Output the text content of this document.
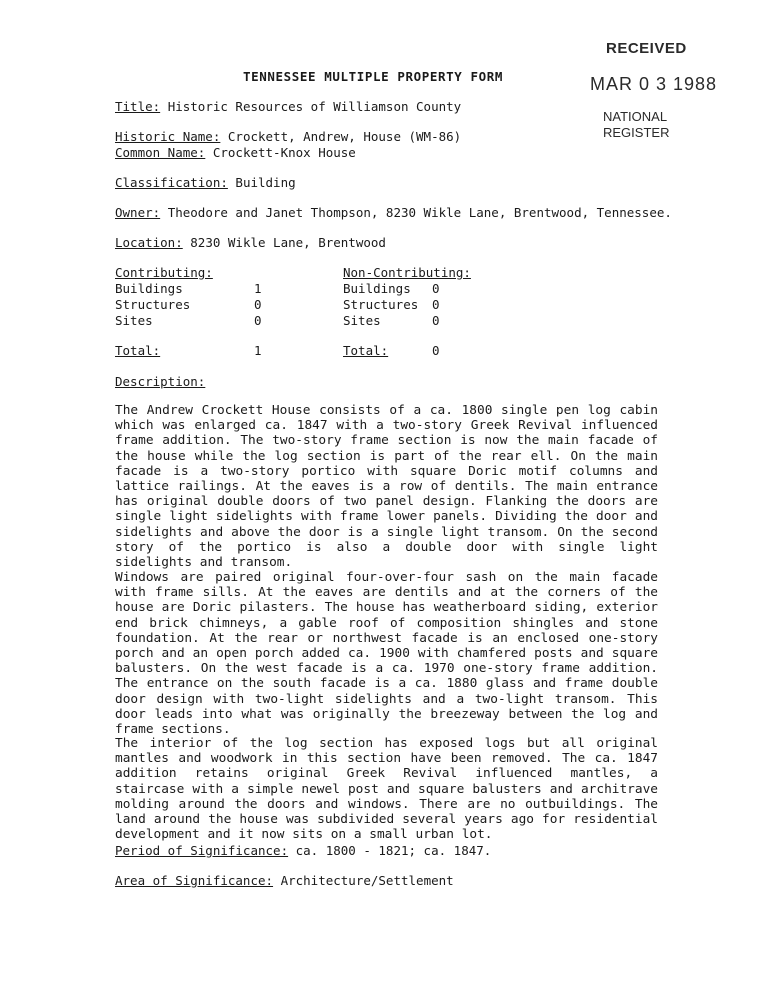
RECEIVED
MAR 0 3 1988
NATIONAL
REGISTER
TENNESSEE MULTIPLE PROPERTY FORM
Title: Historic Resources of Williamson County
Historic Name: Crockett, Andrew, House (WM-86)
Common Name: Crockett-Knox House
Classification: Building
Owner: Theodore and Janet Thompson, 8230 Wikle Lane, Brentwood, Tennessee.
Location: 8230 Wikle Lane, Brentwood
Contributing:	Non-Contributing:
Buildings	1	Buildings 0
Structures	0	Structures 0
Sites	0	Sites	0
Total:	1	Total:	0
Description:
The Andrew Crockett House consists of a ca. 1800 single pen log cabin which was enlarged ca. 1847 with a two-story Greek Revival influenced frame addition. The two-story frame section is now the main facade of the house while the log section is part of the rear ell. On the main facade is a two-story portico with square Doric motif columns and lattice railings. At the eaves is a row of dentils. The main entrance has original double doors of two panel design. Flanking the doors are single light sidelights with frame lower panels. Dividing the door and sidelights and above the door is a single light transom. On the second story of the portico is also a double door with single light sidelights and transom.
Windows are paired original four-over-four sash on the main facade with frame sills. At the eaves are dentils and at the corners of the house are Doric pilasters. The house has weatherboard siding, exterior end brick chimneys, a gable roof of composition shingles and stone foundation. At the rear or northwest facade is an enclosed one-story porch and an open porch added ca. 1900 with chamfered posts and square balusters. On the west facade is a ca. 1970 one-story frame addition. The entrance on the south facade is a ca. 1880 glass and frame double door design with two-light sidelights and a two-light transom. This door leads into what was originally the breezeway between the log and frame sections.
The interior of the log section has exposed logs but all original mantles and woodwork in this section have been removed. The ca. 1847 addition retains original Greek Revival influenced mantles, a staircase with a simple newel post and square balusters and architrave molding around the doors and windows. There are no outbuildings. The land around the house was subdivided several years ago for residential development and it now sits on a small urban lot.
Period of Significance: ca. 1800 - 1821; ca. 1847.
Area of Significance: Architecture/Settlement
